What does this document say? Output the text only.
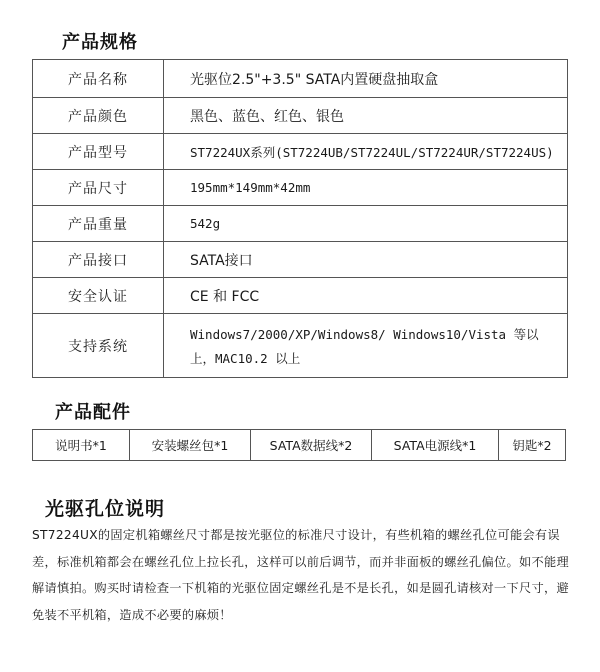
产品规格
产品名称	光驱位2.5"+3.5" SATA内置硬盘抽取盒
产品颜色	黑色、蓝色、红色、银色
产品型号	ST7224UX系列(ST7224UB/ST7224UL/ST7224UR/ST7224US)
产品尺寸	195mm*149mm*42mm
产品重量	542g
产品接口	SATA接口
安全认证	CE 和 FCC
支持系统	Windows7/2000/XP/Windows8/ Windows10/Vista 等以上，MAC10.2 以上
产品配件
说明书*1	安装螺丝包*1	SATA数据线*2	SATA电源线*1	钥匙*2
光驱孔位说明
ST7224UX的固定机箱螺丝尺寸都是按光驱位的标准尺寸设计，有些机箱的螺丝孔位可能会有误差，标准机箱都会在螺丝孔位上拉长孔，这样可以前后调节，而并非面板的螺丝孔偏位。如不能理解请慎拍。购买时请检查一下机箱的光驱位固定螺丝孔是不是长孔，如是圆孔请核对一下尺寸，避免装不平机箱，造成不必要的麻烦！
